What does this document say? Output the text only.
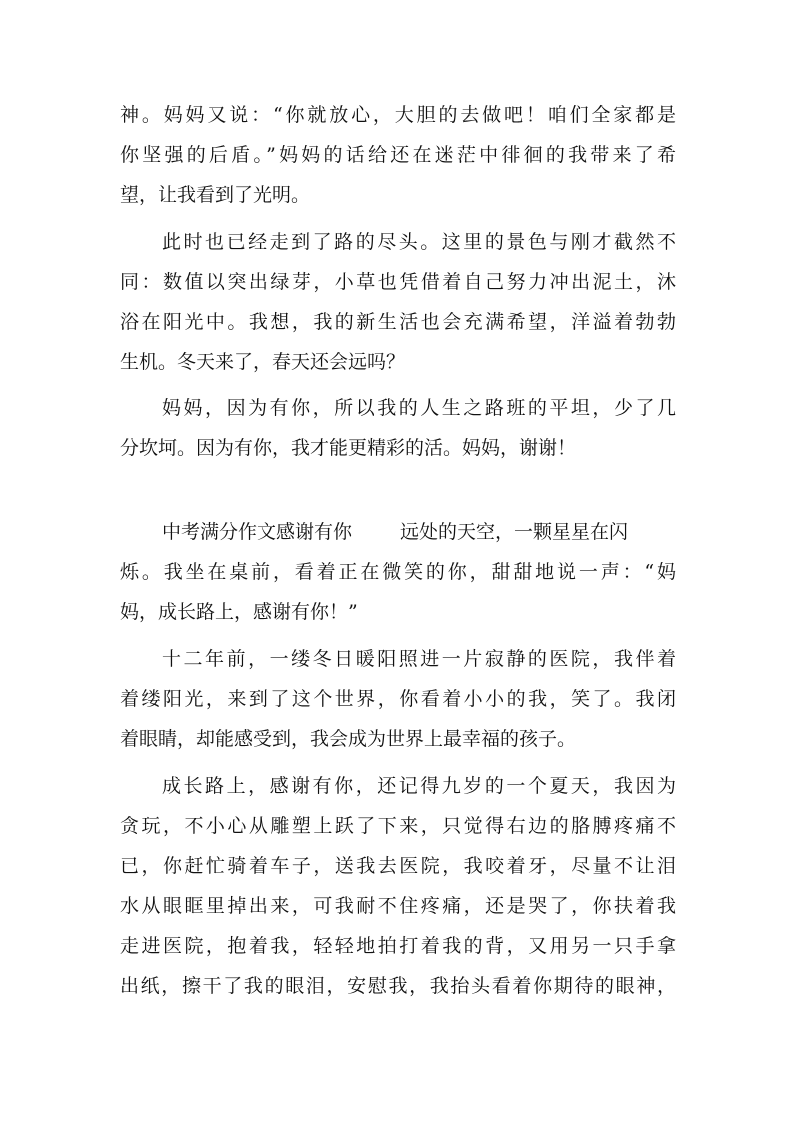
神。妈妈又说：“你就放心，大胆的去做吧！咱们全家都是
你坚强的后盾。”妈妈的话给还在迷茫中徘徊的我带来了希
望，让我看到了光明。
此时也已经走到了路的尽头。这里的景色与刚才截然不
同：数值以突出绿芽，小草也凭借着自己努力冲出泥土，沐
浴在阳光中。我想，我的新生活也会充满希望，洋溢着勃勃
生机。冬天来了，春天还会远吗？
妈妈，因为有你，所以我的人生之路班的平坦，少了几
分坎坷。因为有你，我才能更精彩的活。妈妈，谢谢！
中考满分作文感谢有你	远处的天空，一颗星星在闪
烁。我坐在桌前，看着正在微笑的你，甜甜地说一声：“妈
妈，成长路上，感谢有你！”
十二年前，一缕冬日暖阳照进一片寂静的医院，我伴着
着缕阳光，来到了这个世界，你看着小小的我，笑了。我闭
着眼睛，却能感受到，我会成为世界上最幸福的孩子。
成长路上，感谢有你，还记得九岁的一个夏天，我因为
贪玩，不小心从雕塑上跃了下来，只觉得右边的胳膊疼痛不
已，你赶忙骑着车子，送我去医院，我咬着牙，尽量不让泪
水从眼眶里掉出来，可我耐不住疼痛，还是哭了，你扶着我
走进医院，抱着我，轻轻地拍打着我的背，又用另一只手拿
出纸，擦干了我的眼泪，安慰我，我抬头看着你期待的眼神，
